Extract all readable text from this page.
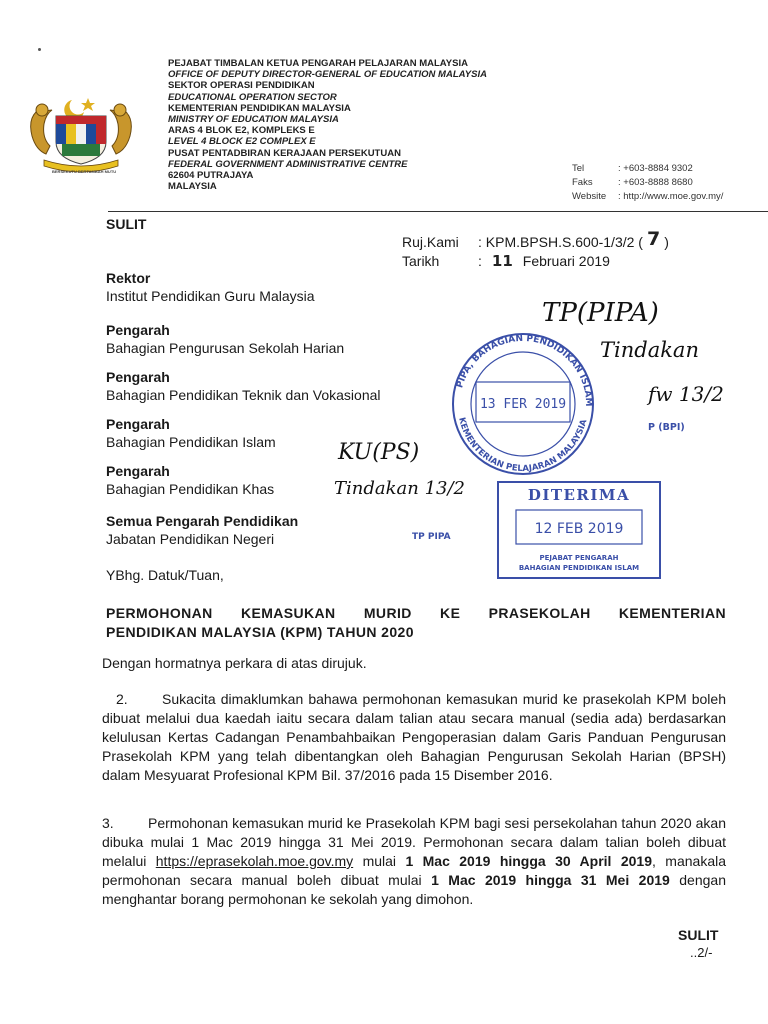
BERSEKUTU BERTAMBAH MUTU
PEJABAT TIMBALAN KETUA PENGARAH PELAJARAN MALAYSIA
OFFICE OF DEPUTY DIRECTOR-GENERAL OF EDUCATION MALAYSIA
SEKTOR OPERASI PENDIDIKAN
EDUCATIONAL OPERATION SECTOR
KEMENTERIAN PENDIDIKAN MALAYSIA
MINISTRY OF EDUCATION MALAYSIA
ARAS 4 BLOK E2, KOMPLEKS E
LEVEL 4 BLOCK E2 COMPLEX E
PUSAT PENTADBIRAN KERAJAAN PERSEKUTUAN
FEDERAL GOVERNMENT ADMINISTRATIVE CENTRE
62604 PUTRAJAYA
MALAYSIA
Tel	: +603-8884 9302
Faks	: +603-8888 8680
Website	: http://www.moe.gov.my/
SULIT
Ruj.Kami	: KPM.BPSH.S.600-1/3/2 ( 7 )
Tarikh	: 11 Februari 2019
Rektor
Institut Pendidikan Guru Malaysia
Pengarah
Bahagian Pengurusan Sekolah Harian
Pengarah
Bahagian Pendidikan Teknik dan Vokasional
Pengarah
Bahagian Pendidikan Islam
Pengarah
Bahagian Pendidikan Khas
Semua Pengarah Pendidikan
Jabatan Pendidikan Negeri
YBhg. Datuk/Tuan,
PERMOHONAN KEMASUKAN MURID KE PRASEKOLAH KEMENTERIAN
PENDIDIKAN MALAYSIA (KPM) TAHUN 2020
Dengan hormatnya perkara di atas dirujuk.
2. Sukacita dimaklumkan bahawa permohonan kemasukan murid ke prasekolah KPM boleh dibuat melalui dua kaedah iaitu secara dalam talian atau secara manual (sedia ada) berdasarkan kelulusan Kertas Cadangan Penambahbaikan Pengoperasian dalam Garis Panduan Pengurusan Prasekolah KPM yang telah dibentangkan oleh Bahagian Pengurusan Sekolah Harian (BPSH) dalam Mesyuarat Profesional KPM Bil. 37/2016 pada 15 Disember 2016.
3. Permohonan kemasukan murid ke Prasekolah KPM bagi sesi persekolahan tahun 2020 akan dibuka mulai 1 Mac 2019 hingga 31 Mei 2019. Permohonan secara dalam talian boleh dibuat melalui https://eprasekolah.moe.gov.my mulai 1 Mac 2019 hingga 30 April 2019, manakala permohonan secara manual boleh dibuat mulai 1 Mac 2019 hingga 31 Mei 2019 dengan menghantar borang permohonan ke sekolah yang dimohon.
SULIT
..2/-
PIPA, BAHAGIAN PENDIDIKAN ISLAM
KEMENTERIAN PELAJARAN MALAYSIA
13 FER 2019
DITERIMA
12 FEB 2019
PEJABAT PENGARAH
BAHAGIAN PENDIDIKAN ISLAM
P (BPI)
TP PIPA
TP(PIPA)
Tindakan
fw 13/2
KU(PS)
Tindakan 13/2
